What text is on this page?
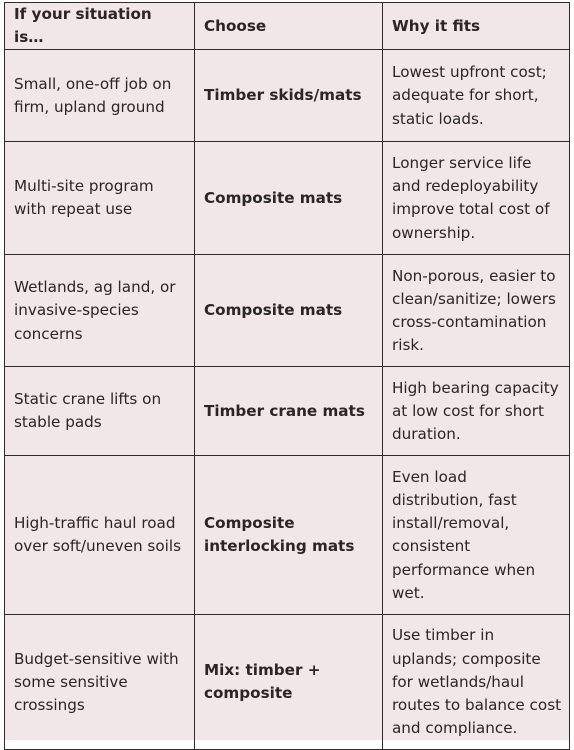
If your situation is…	Choose	Why it fits
Small, one-off job on firm, upland ground	Timber skids/mats	Lowest upfront cost; adequate for short, static loads.
Multi-site program with repeat use	Composite mats	Longer service life and redeployability improve total cost of ownership.
Wetlands, ag land, or invasive-species concerns	Composite mats	Non-porous, easier to clean/sanitize; lowers cross-contamination risk.
Static crane lifts on stable pads	Timber crane mats	High bearing capacity at low cost for short duration.
High-traffic haul road over soft/uneven soils	Composite interlocking mats	Even load distribution, fast install/removal, consistent performance when wet.
Budget-sensitive with some sensitive crossings	Mix: timber + composite	Use timber in uplands; composite for wetlands/haul routes to balance cost and compliance.
